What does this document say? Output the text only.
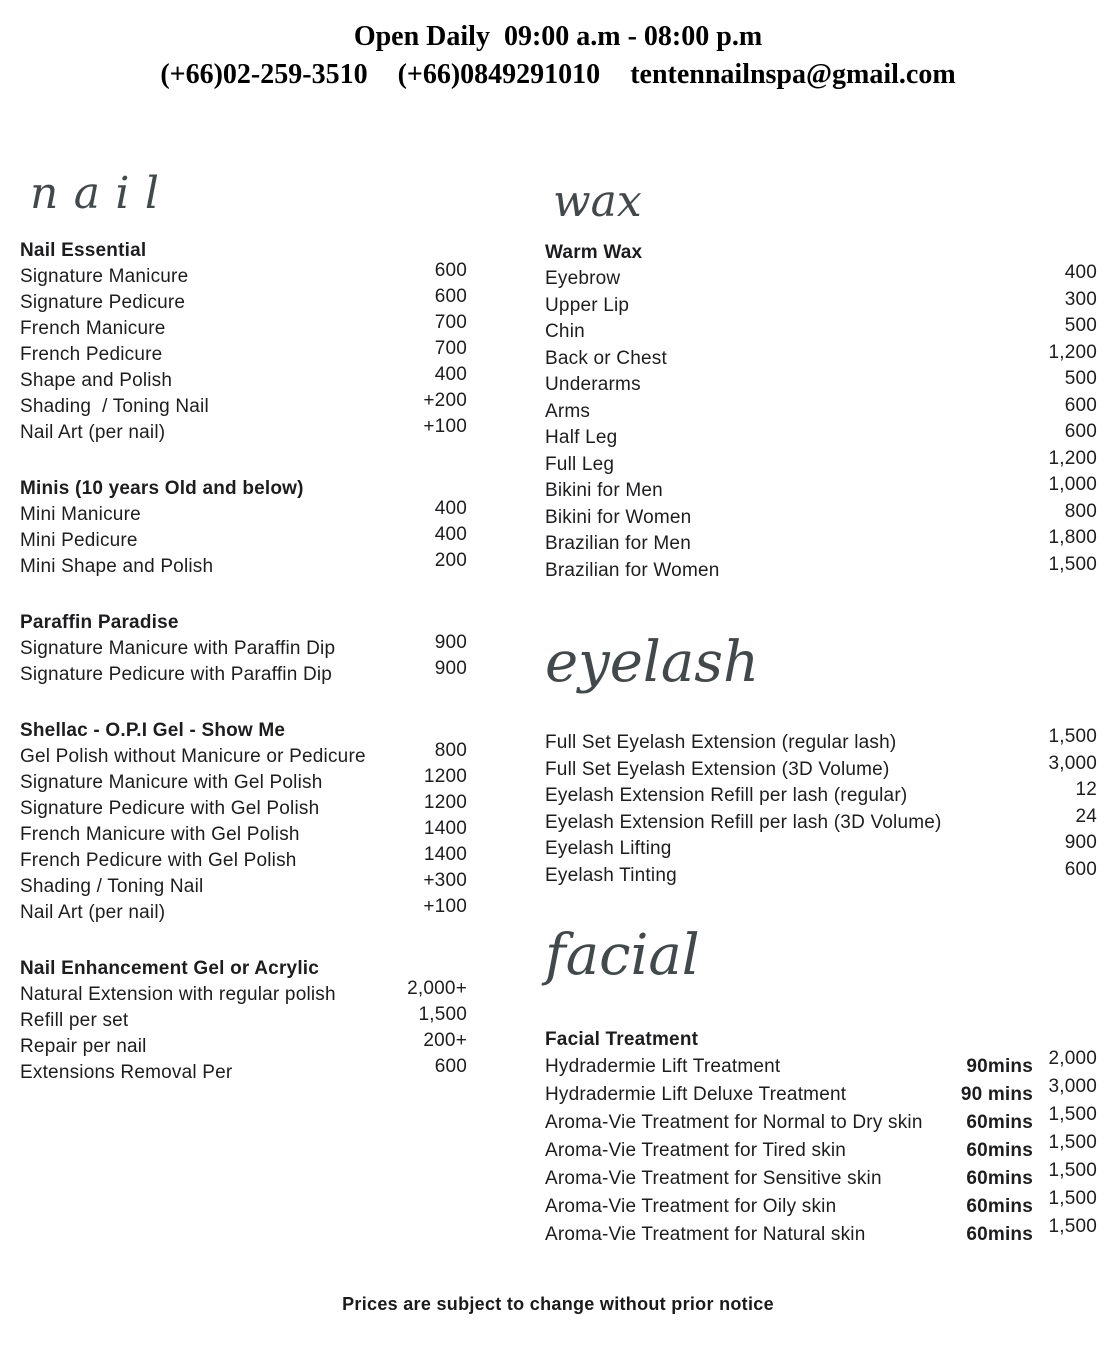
Open Daily  09:00 a.m - 08:00 p.m
(+66)02-259-3510 (+66)0849291010 tentennailnspa@gmail.com
nail
Nail Essential
Signature Manicure	600
Signature Pedicure	600
French Manicure	700
French Pedicure	700
Shape and Polish	400
Shading  / Toning Nail	+200
Nail Art (per nail)	+100
Minis (10 years Old and below)
Mini Manicure	400
Mini Pedicure	400
Mini Shape and Polish	200
Paraffin Paradise
Signature Manicure with Paraffin Dip	900
Signature Pedicure with Paraffin Dip	900
Shellac - O.P.I Gel - Show Me
Gel Polish without Manicure or Pedicure	800
Signature Manicure with Gel Polish	1200
Signature Pedicure with Gel Polish	1200
French Manicure with Gel Polish	1400
French Pedicure with Gel Polish	1400
Shading / Toning Nail	+300
Nail Art (per nail)	+100
Nail Enhancement Gel or Acrylic
Natural Extension with regular polish	2,000+
Refill per set	1,500
Repair per nail	200+
Extensions Removal Per	600
wax
Warm Wax
Eyebrow	400
Upper Lip	300
Chin	500
Back or Chest	1,200
Underarms	500
Arms	600
Half Leg	600
Full Leg	1,200
Bikini for Men	1,000
Bikini for Women	800
Brazilian for Men	1,800
Brazilian for Women	1,500
eyelash
Full Set Eyelash Extension (regular lash)	1,500
Full Set Eyelash Extension (3D Volume)	3,000
Eyelash Extension Refill per lash (regular)	12
Eyelash Extension Refill per lash (3D Volume)	24
Eyelash Lifting	900
Eyelash Tinting	600
facial
Facial Treatment
Hydradermie Lift Treatment	90mins 2,000
Hydradermie Lift Deluxe Treatment	90 mins 3,000
Aroma-Vie Treatment for Normal to Dry skin	60mins 1,500
Aroma-Vie Treatment for Tired skin	60mins 1,500
Aroma-Vie Treatment for Sensitive skin	60mins 1,500
Aroma-Vie Treatment for Oily skin	60mins 1,500
Aroma-Vie Treatment for Natural skin	60mins 1,500
Prices are subject to change without prior notice
